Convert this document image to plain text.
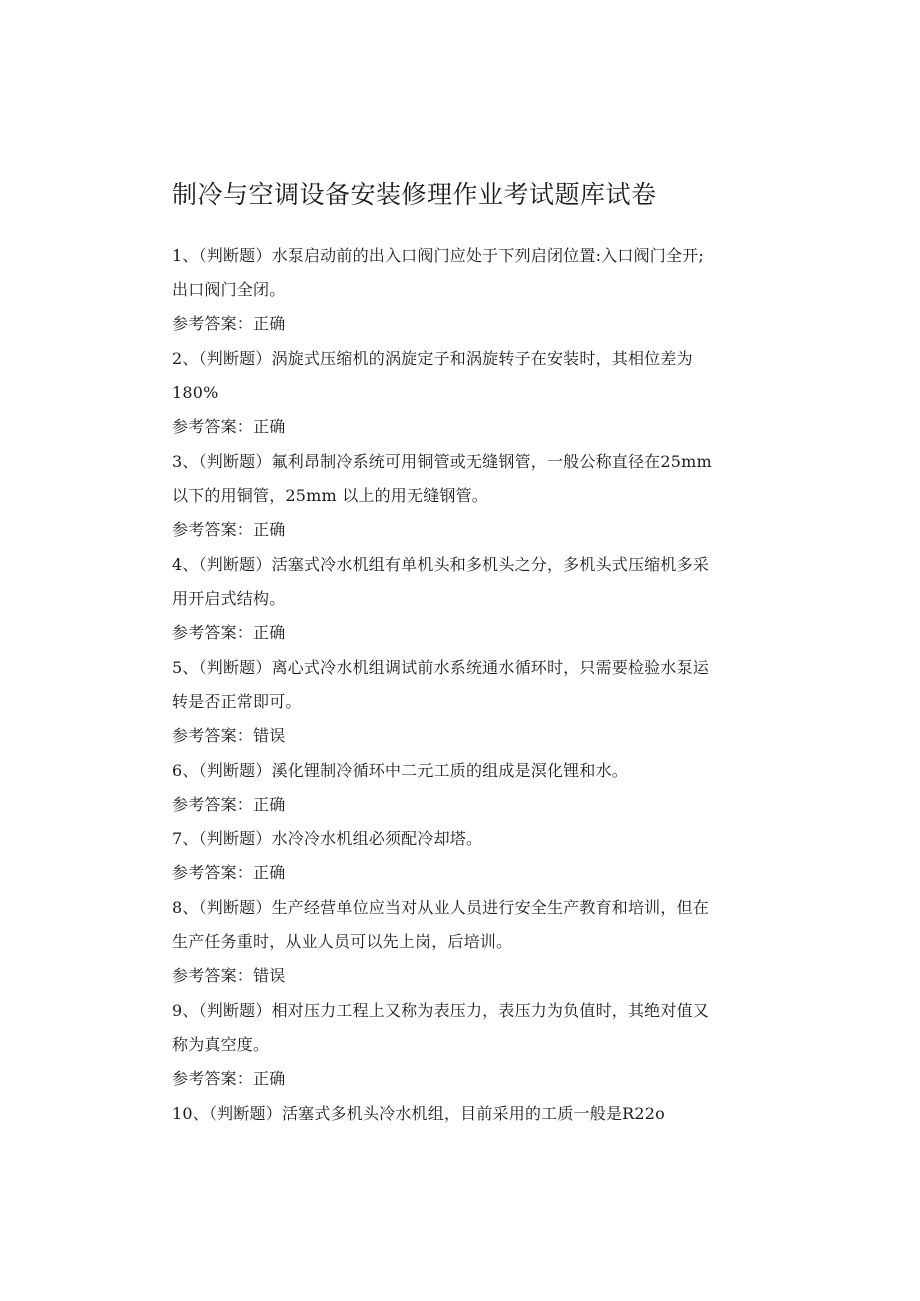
制冷与空调设备安装修理作业考试题库试卷
1、（判断题）水泵启动前的出入口阀门应处于下列启闭位置:入口阀门全开;
出口阀门全闭。
参考答案：正确
2、（判断题）涡旋式压缩机的涡旋定子和涡旋转子在安装时，其相位差为
180%
参考答案：正确
3、（判断题）氟利昂制冷系统可用铜管或无缝钢管，一般公称直径在25mm
以下的用铜管，25mm 以上的用无缝钢管。
参考答案：正确
4、（判断题）活塞式冷水机组有单机头和多机头之分，多机头式压缩机多采
用开启式结构。
参考答案：正确
5、（判断题）离心式冷水机组调试前水系统通水循环时，只需要检验水泵运
转是否正常即可。
参考答案：错误
6、（判断题）溪化锂制冷循环中二元工质的组成是溟化锂和水。
参考答案：正确
7、（判断题）水冷冷水机组必须配冷却塔。
参考答案：正确
8、（判断题）生产经营单位应当对从业人员进行安全生产教育和培训，但在
生产任务重时，从业人员可以先上岗，后培训。
参考答案：错误
9、（判断题）相对压力工程上又称为表压力，表压力为负值时，其绝对值又
称为真空度。
参考答案：正确
10、（判断题）活塞式多机头冷水机组，目前采用的工质一般是R22o
